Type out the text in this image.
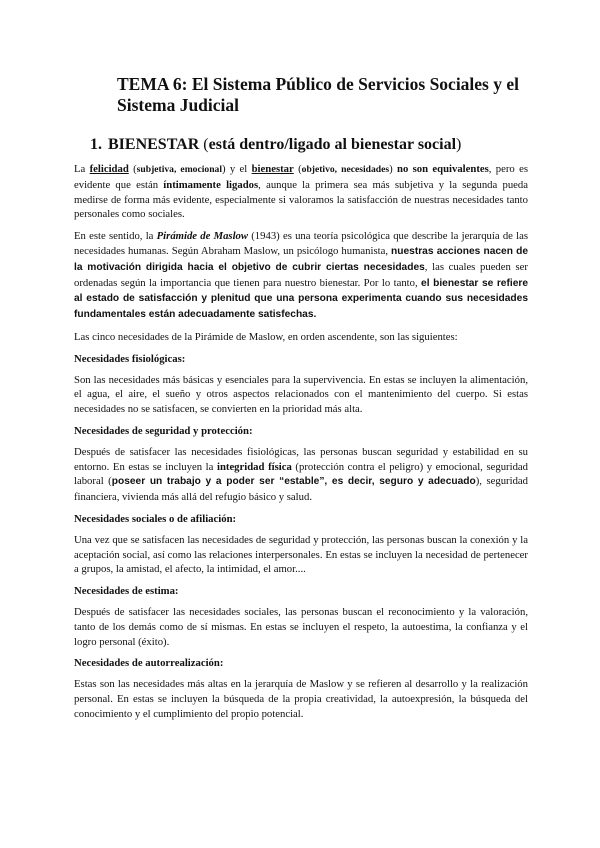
TEMA 6: El Sistema Público de Servicios Sociales y el Sistema Judicial
1. BIENESTAR (está dentro/ligado al bienestar social)

La felicidad (subjetiva, emocional) y el bienestar (objetivo, necesidades) no son equivalentes, pero es evidente que están íntimamente ligados, aunque la primera sea más subjetiva y la segunda pueda medirse de forma más evidente, especialmente si valoramos la satisfacción de nuestras necesidades tanto personales como sociales.

En este sentido, la Pirámide de Maslow (1943) es una teoría psicológica que describe la jerarquía de las necesidades humanas. Según Abraham Maslow, un psicólogo humanista, nuestras acciones nacen de la motivación dirigida hacia el objetivo de cubrir ciertas necesidades, las cuales pueden ser ordenadas según la importancia que tienen para nuestro bienestar. Por lo tanto, el bienestar se refiere al estado de satisfacción y plenitud que una persona experimenta cuando sus necesidades fundamentales están adecuadamente satisfechas.

Las cinco necesidades de la Pirámide de Maslow, en orden ascendente, son las siguientes:

Necesidades fisiológicas:

Son las necesidades más básicas y esenciales para la supervivencia. En estas se incluyen la alimentación, el agua, el aire, el sueño y otros aspectos relacionados con el mantenimiento del cuerpo. Si estas necesidades no se satisfacen, se convierten en la prioridad más alta.

Necesidades de seguridad y protección:

Después de satisfacer las necesidades fisiológicas, las personas buscan seguridad y estabilidad en su entorno. En estas se incluyen la integridad física (protección contra el peligro) y emocional, seguridad laboral (poseer un trabajo y a poder ser “estable”, es decir, seguro y adecuado), seguridad financiera, vivienda más allá del refugio básico y salud.

Necesidades sociales o de afiliación:

Una vez que se satisfacen las necesidades de seguridad y protección, las personas buscan la conexión y la aceptación social, así como las relaciones interpersonales. En estas se incluyen la necesidad de pertenecer a grupos, la amistad, el afecto, la intimidad, el amor....

Necesidades de estima:

Después de satisfacer las necesidades sociales, las personas buscan el reconocimiento y la valoración, tanto de los demás como de sí mismas. En estas se incluyen el respeto, la autoestima, la confianza y el logro personal (éxito).

Necesidades de autorrealización:

Estas son las necesidades más altas en la jerarquía de Maslow y se refieren al desarrollo y la realización personal. En estas se incluyen la búsqueda de la propia creatividad, la autoexpresión, la búsqueda del conocimiento y el cumplimiento del propio potencial.
